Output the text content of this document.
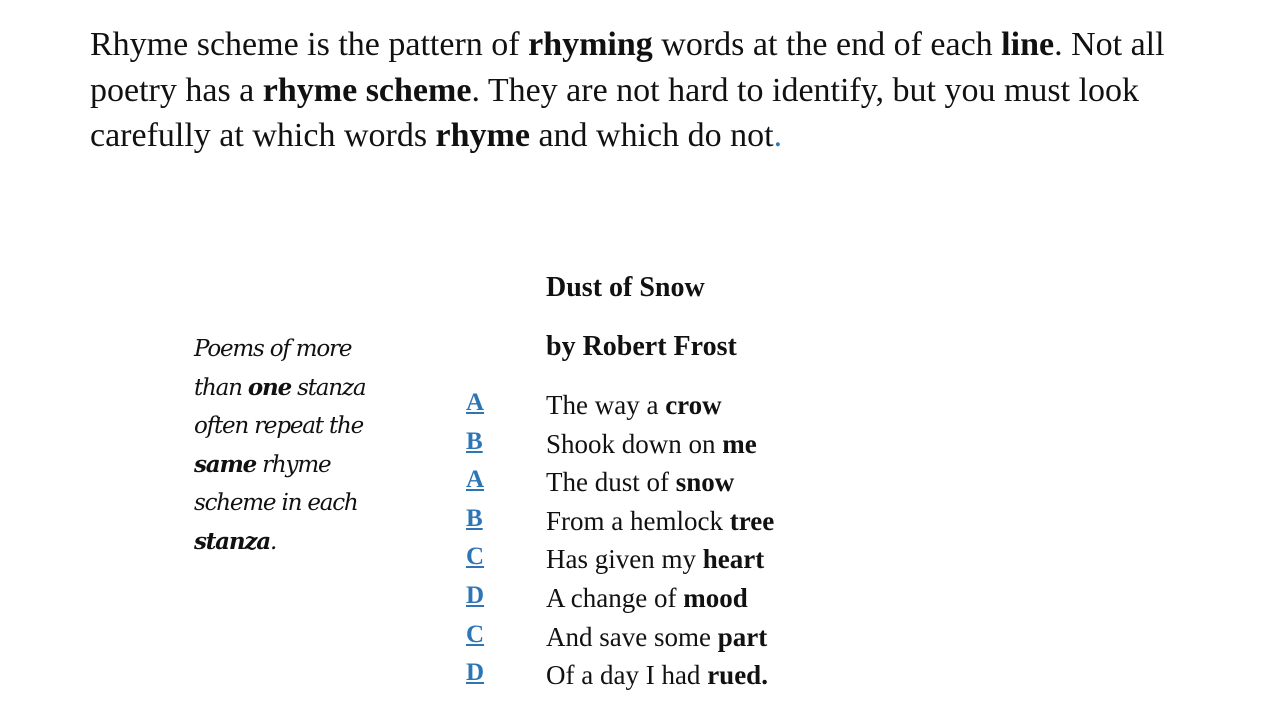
Rhyme scheme is the pattern of rhyming words at the end of each line. Not all poetry has a rhyme scheme. They are not hard to identify, but you must look carefully at which words rhyme and which do not.

Dust of Snow
by Robert Frost

Poems of more than one stanza often repeat the same rhyme scheme in each stanza.

A
B
A
B
C
D
C
D
The way a crow
Shook down on me
The dust of snow
From a hemlock tree
Has given my heart
A change of mood
And save some part
Of a day I had rued.
